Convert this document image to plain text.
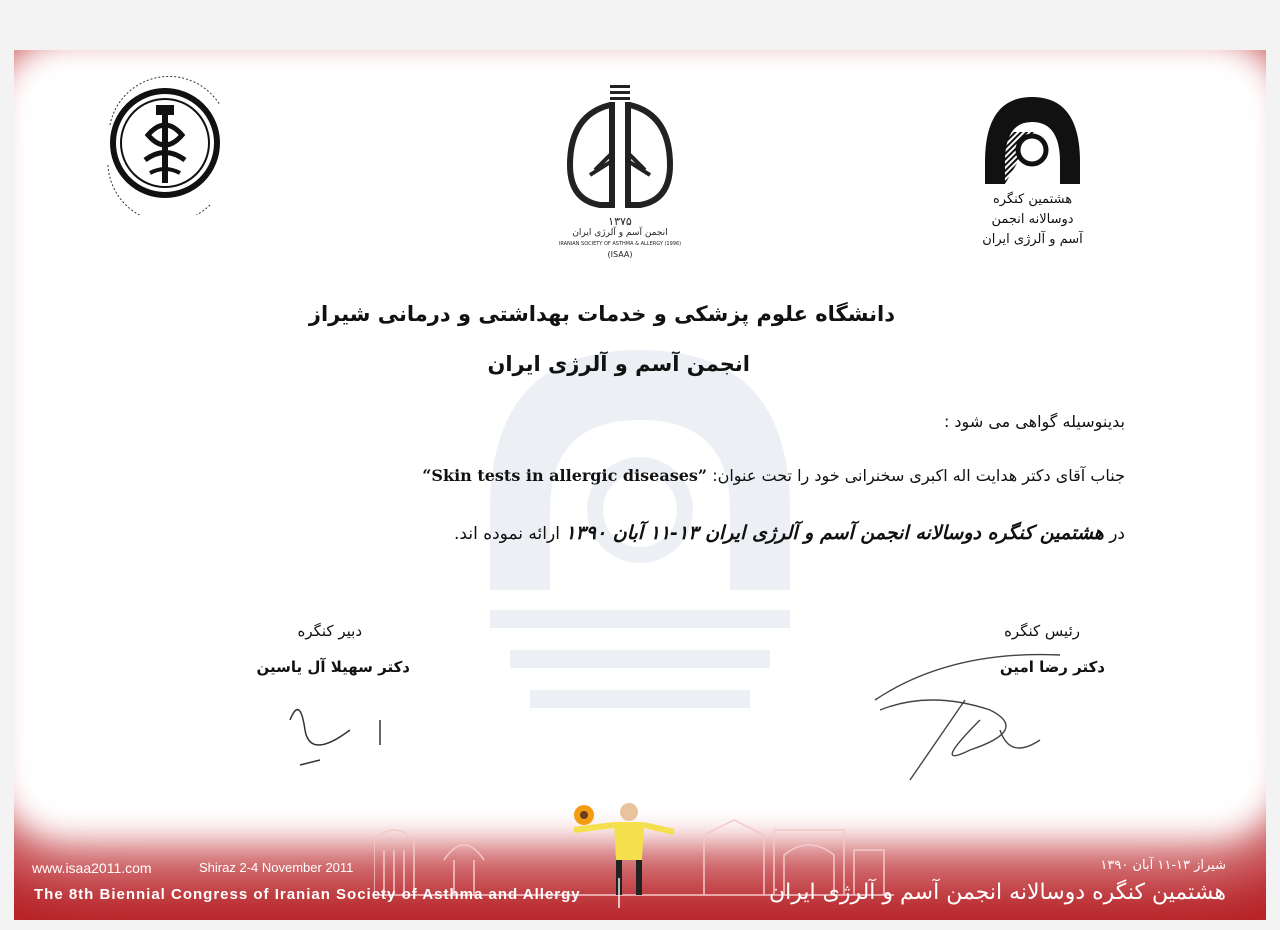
۱۳۷۵
انجمن آسم و آلرژی ایران
IRANIAN SOCIETY OF ASTHMA & ALLERGY (1996)
(ISAA)
هشتمین کنگره
دوسالانه انجمن
آسم و آلرژی ایران
دانشگاه علوم پزشکی و خدمات بهداشتی و درمانی شیراز
انجمن آسم و آلرژی ایران
بدینوسیله گواهی می شود :
جناب آقای دکتر هدایت اله اکبری سخنرانی خود را تحت عنوان: “Skin tests in allergic diseases”
در هشتمین کنگره دوسالانه انجمن آسم و آلرژی ایران ۱۳-۱۱ آبان ۱۳۹۰ ارائه نموده اند.
دبیر کنگره
دکتر سهیلا آل یاسین
رئیس کنگره
دکتر رضا امین
www.isaa2011.com	Shiraz 2-4 November 2011
The 8th Biennial Congress of Iranian Society of Asthma and Allergy
شیراز ۱۳-۱۱ آبان ۱۳۹۰
هشتمین کنگره دوسالانه انجمن آسم و آلرژی ایران
